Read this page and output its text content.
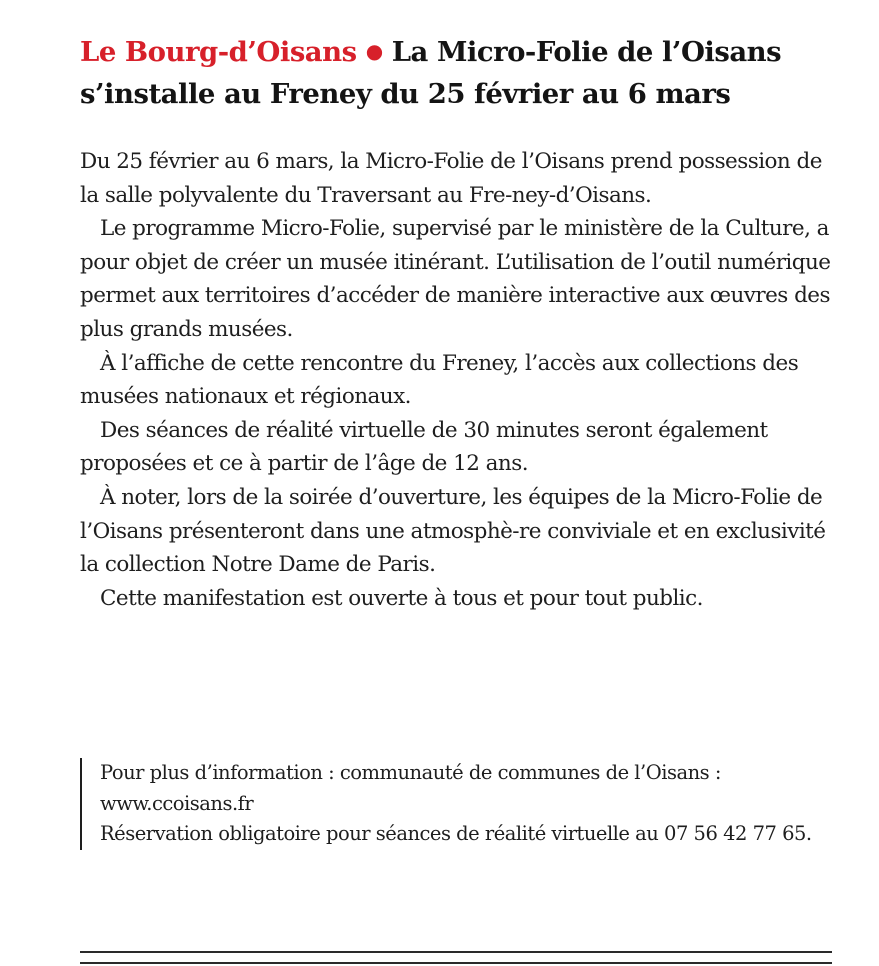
Le Bourg-d’Oisans ● La Micro-Folie de l’Oisans s’installe au Freney du 25 février au 6 mars

Du 25 février au 6 mars, la Micro-Folie de l’Oisans prend possession de la salle polyvalente du Traversant au Fre-ney-d’Oisans.

Le programme Micro-Folie, supervisé par le ministère de la Culture, a pour objet de créer un musée itinérant. L’utilisation de l’outil numérique permet aux territoires d’accéder de manière interactive aux œuvres des plus grands musées.

À l’affiche de cette rencontre du Freney, l’accès aux collections des musées nationaux et régionaux.

Des séances de réalité virtuelle de 30 minutes seront également proposées et ce à partir de l’âge de 12 ans.

À noter, lors de la soirée d’ouverture, les équipes de la Micro-Folie de l’Oisans présenteront dans une atmosphè-re conviviale et en exclusivité la collection Notre Dame de Paris.

Cette manifestation est ouverte à tous et pour tout public.

Pour plus d’information : communauté de communes de l’Oisans :

www.ccoisans.fr

Réservation obligatoire pour séances de réalité virtuelle au 07 56 42 77 65.
